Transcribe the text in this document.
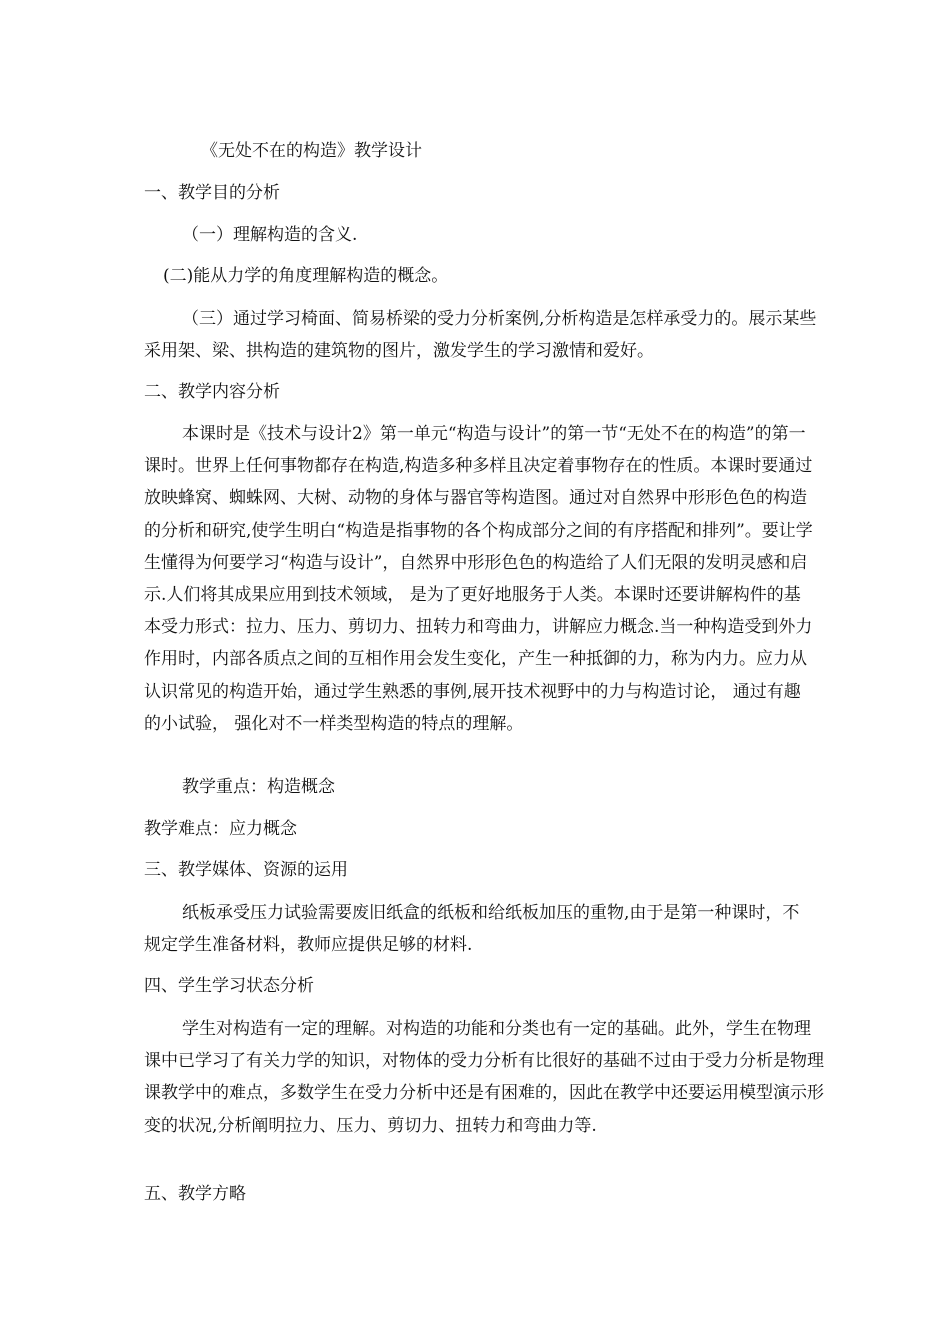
《无处不在的构造》教学设计

一、教学目的分析

（一）理解构造的含义.

(二)能从力学的角度理解构造的概念。

（三）通过学习椅面、简易桥梁的受力分析案例,分析构造是怎样承受力的。展示某些采用架、梁、拱构造的建筑物的图片，激发学生的学习激情和爱好。

二、教学内容分析

本课时是《技术与设计2》第一单元“构造与设计”的第一节“无处不在的构造”的第一课时。世界上任何事物都存在构造,构造多种多样且决定着事物存在的性质。本课时要通过放映蜂窝、蜘蛛网、大树、动物的身体与器官等构造图。通过对自然界中形形色色的构造的分析和研究,使学生明白“构造是指事物的各个构成部分之间的有序搭配和排列”。要让学生懂得为何要学习“构造与设计”，自然界中形形色色的构造给了人们无限的发明灵感和启示.人们将其成果应用到技术领域， 是为了更好地服务于人类。本课时还要讲解构件的基本受力形式：拉力、压力、剪切力、扭转力和弯曲力，讲解应力概念.当一种构造受到外力作用时，内部各质点之间的互相作用会发生变化，产生一种抵御的力，称为内力。应力从认识常见的构造开始，通过学生熟悉的事例,展开技术视野中的力与构造讨论， 通过有趣的小试验， 强化对不一样类型构造的特点的理解。

教学重点：构造概念

教学难点：应力概念

三、教学媒体、资源的运用

纸板承受压力试验需要废旧纸盒的纸板和给纸板加压的重物,由于是第一种课时，不规定学生准备材料，教师应提供足够的材料.

四、学生学习状态分析

学生对构造有一定的理解。对构造的功能和分类也有一定的基础。此外，学生在物理课中已学习了有关力学的知识，对物体的受力分析有比很好的基础不过由于受力分析是物理课教学中的难点，多数学生在受力分析中还是有困难的，因此在教学中还要运用模型演示形变的状况,分析阐明拉力、压力、剪切力、扭转力和弯曲力等.

五、教学方略
